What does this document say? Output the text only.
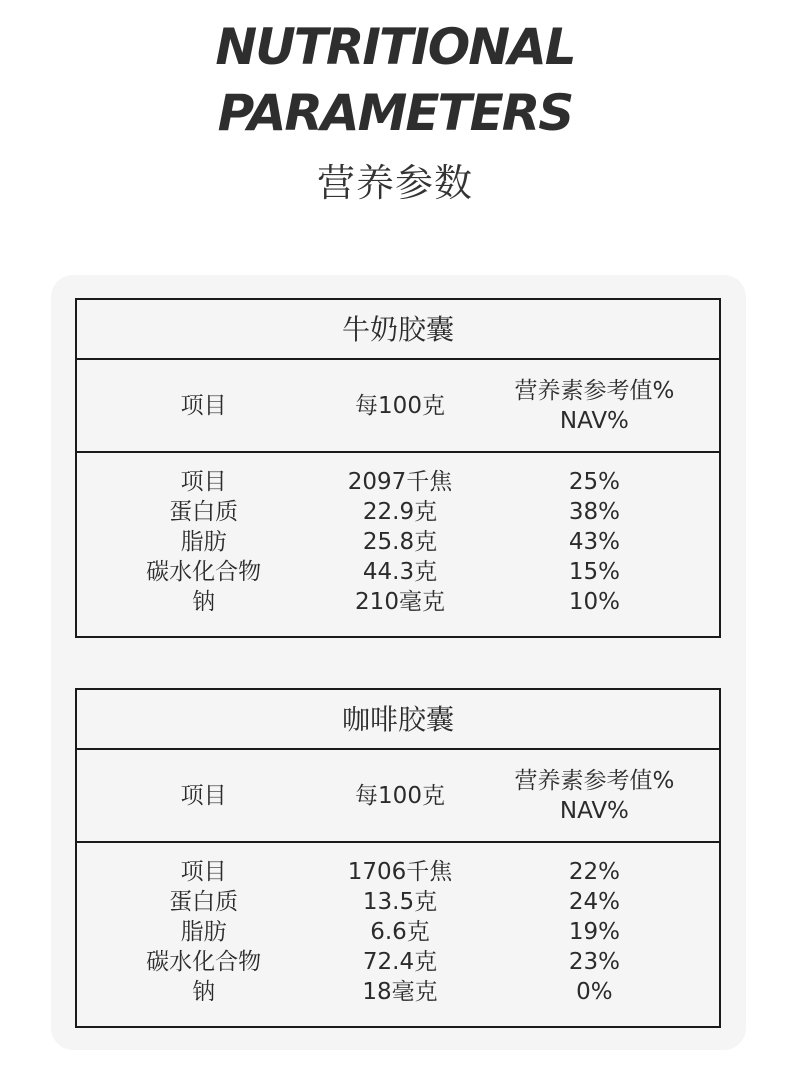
NUTRITIONAL
PARAMETERS
营养参数
牛奶胶囊
项目	每100克
营养素参考值%
NAV%
项目
蛋白质
脂肪
碳水化合物
钠
2097千焦
22.9克
25.8克
44.3克
210毫克
25%
38%
43%
15%
10%
咖啡胶囊
项目	每100克
营养素参考值%
NAV%
项目
蛋白质
脂肪
碳水化合物
钠
1706千焦
13.5克
6.6克
72.4克
18毫克
22%
24%
19%
23%
0%
